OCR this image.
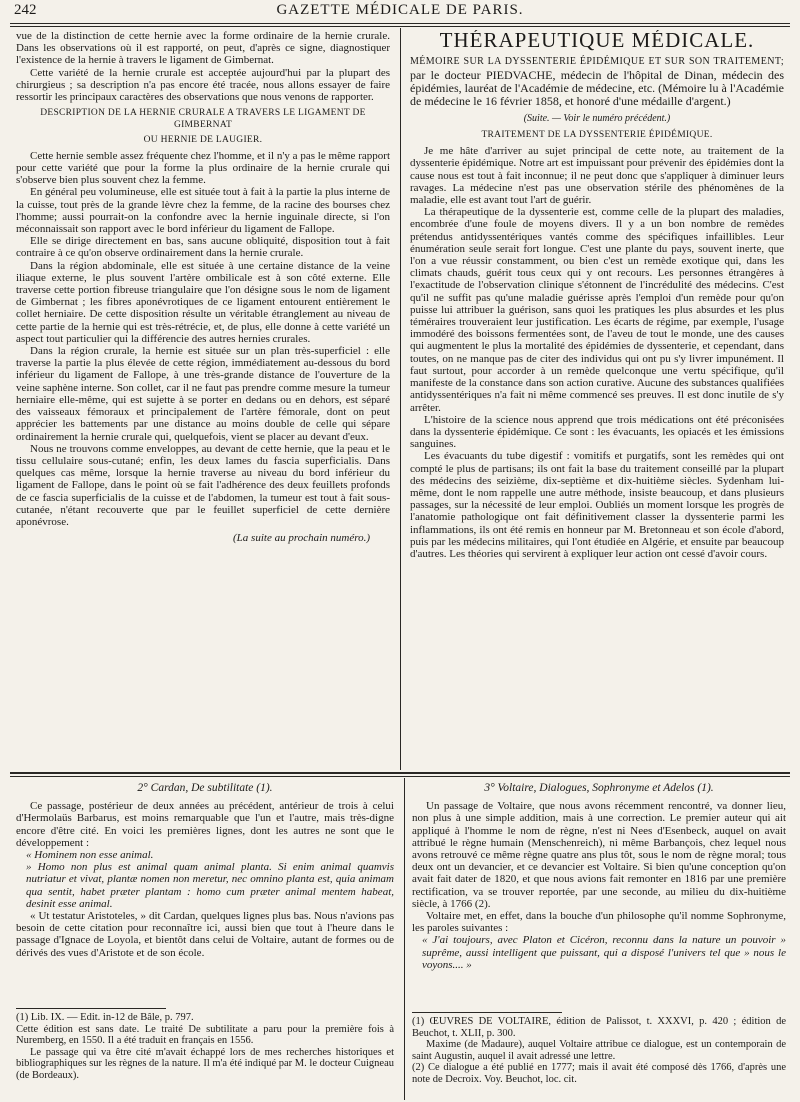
242	GAZETTE MÉDICALE DE PARIS.

vue de la distinction de cette hernie avec la forme ordinaire de la hernie crurale. Dans les observations où il est rapporté, on peut, d'après ce signe, diagnostiquer l'existence de la hernie à travers le ligament de Gimbernat.

Cette variété de la hernie crurale est acceptée aujourd'hui par la plupart des chirurgieus ; sa description n'a pas encore été tracée, nous allons essayer de faire ressortir les principaux caractères des observations que nous venons de rapporter.

DESCRIPTION DE LA HERNIE CRURALE A TRAVERS LE LIGAMENT DE GIMBERNAT

OU HERNIE DE LAUGIER.

Cette hernie semble assez fréquente chez l'homme, et il n'y a pas le même rapport pour cette variété que pour la forme la plus ordinaire de la hernie crurale qui s'observe bien plus souvent chez la femme.

En général peu volumineuse, elle est située tout à fait à la partie la plus interne de la cuisse, tout près de la grande lèvre chez la femme, de la racine des bourses chez l'homme; aussi pourrait-on la confondre avec la hernie inguinale directe, si l'on méconnaissait son rapport avec le bord inférieur du ligament de Fallope.

Elle se dirige directement en bas, sans aucune obliquité, disposition tout à fait contraire à ce qu'on observe ordinairement dans la hernie crurale.

Dans la région abdominale, elle est située à une certaine distance de la veine iliaque externe, le plus souvent l'artère ombilicale est à son côté externe. Elle traverse cette portion fibreuse triangulaire que l'on désigne sous le nom de ligament de Gimbernat ; les fibres aponévrotiques de ce ligament entourent entièrement le collet herniaire. De cette disposition résulte un véritable étranglement au niveau de cette partie de la hernie qui est très-rétrécie, et, de plus, elle donne à cette variété un aspect tout particulier qui la différencie des autres hernies crurales.

Dans la région crurale, la hernie est située sur un plan très-superficiel : elle traverse la partie la plus élevée de cette région, immédiatement au-dessous du bord inférieur du ligament de Fallope, à une très-grande distance de l'ouverture de la veine saphène interne. Son collet, car il ne faut pas prendre comme mesure la tumeur herniaire elle-même, qui est sujette à se porter en dedans ou en dehors, est séparé des vaisseaux fémoraux et principalement de l'artère fémorale, dont on peut apprécier les battements par une distance au moins double de celle qui sépare ordinairement la hernie crurale qui, quelquefois, vient se placer au devant d'eux.

Nous ne trouvons comme enveloppes, au devant de cette hernie, que la peau et le tissu cellulaire sous-cutané; enfin, les deux lames du fascia superficialis. Dans quelques cas même, lorsque la hernie traverse au niveau du bord inférieur du ligament de Fallope, dans le point où se fait l'adhérence des deux feuillets profonds de ce fascia superficialis de la cuisse et de l'abdomen, la tumeur est tout à fait sous-cutanée, n'étant recouverte que par le feuillet superficiel de cette dernière aponévrose.

(La suite au prochain numéro.)

THÉRAPEUTIQUE MÉDICALE.

MÉMOIRE SUR LA DYSSENTERIE ÉPIDÉMIQUE ET SUR SON TRAITEMENT; par le docteur PIEDVACHE, médecin de l'hôpital de Dinan, médecin des épidémies, lauréat de l'Académie de médecine, etc. (Mémoire lu à l'Académie de médecine le 16 février 1858, et honoré d'une médaille d'argent.)

(Suite. — Voir le numéro précédent.)

TRAITEMENT DE LA DYSSENTERIE ÉPIDÉMIQUE.

Je me hâte d'arriver au sujet principal de cette note, au traitement de la dyssenterie épidémique. Notre art est impuissant pour prévenir des épidémies dont la cause nous est tout à fait inconnue; il ne peut donc que s'appliquer à diminuer leurs ravages. La médecine n'est pas une observation stérile des phénomènes de la maladie, elle est avant tout l'art de guérir.

La thérapeutique de la dyssenterie est, comme celle de la plupart des maladies, encombrée d'une foule de moyens divers. Il y a un bon nombre de remèdes prétendus antidyssentériques vantés comme des spécifiques infaillibles. Leur énumération seule serait fort longue. C'est une plante du pays, souvent inerte, que l'on a vue réussir constamment, ou bien c'est un remède exotique qui, dans les climats chauds, guérit tous ceux qui y ont recours. Les personnes étrangères à l'exactitude de l'observation clinique s'étonnent de l'incrédulité des médecins. C'est qu'il ne suffit pas qu'une maladie guérisse après l'emploi d'un remède pour qu'on puisse lui attribuer la guérison, sans quoi les pratiques les plus absurdes et les plus téméraires trouveraient leur justification. Les écarts de régime, par exemple, l'usage immodéré des boissons fermentées sont, de l'aveu de tout le monde, une des causes qui augmentent le plus la mortalité des épidémies de dyssenterie, et cependant, dans toutes, on ne manque pas de citer des individus qui ont pu s'y livrer impunément. Il faut surtout, pour accorder à un remède quelconque une vertu spécifique, qu'il manifeste de la constance dans son action curative. Aucune des substances qualifiées antidyssentériques n'a fait ni même commencé ses preuves. Il est donc inutile de s'y arrêter.

L'histoire de la science nous apprend que trois médications ont été préconisées dans la dyssenterie épidémique. Ce sont : les évacuants, les opiacés et les émissions sanguines.

Les évacuants du tube digestif : vomitifs et purgatifs, sont les remèdes qui ont compté le plus de partisans; ils ont fait la base du traitement conseillé par la plupart des médecins des seizième, dix-septième et dix-huitième siècles. Sydenham lui-même, dont le nom rappelle une autre méthode, insiste beaucoup, et dans plusieurs passages, sur la nécessité de leur emploi. Oubliés un moment lorsque les progrès de l'anatomie pathologique ont fait définitivement classer la dyssenterie parmi les inflammations, ils ont été remis en honneur par M. Bretonneau et son école d'abord, puis par les médecins militaires, qui l'ont étudiée en Algérie, et ensuite par beaucoup d'autres. Les théories qui servirent à expliquer leur action ont cessé d'avoir cours.

2° Cardan, De subtilitate (1).

Ce passage, postérieur de deux années au précédent, antérieur de trois à celui d'Hermolaüs Barbarus, est moins remarquable que l'un et l'autre, mais très-digne encore d'être cité. En voici les premières lignes, dont les autres ne sont que le développement :

« Hominem non esse animal.

» Homo non plus est animal quam animal planta. Si enim animal quamvis nutriatur et vivat, plantæ nomen non meretur, nec omnino planta est, quia animam qua sentit, habet præter plantam : homo cum præter animal mentem habeat, desinit esse animal.

« Ut testatur Aristoteles, » dit Cardan, quelques lignes plus bas. Nous n'avions pas besoin de cette citation pour reconnaître ici, aussi bien que tout à l'heure dans le passage d'Ignace de Loyola, et bientôt dans celui de Voltaire, autant de formes ou de dérivés des vues d'Aristote et de son école.

(1) Lib. IX. — Edit. in-12 de Bâle, p. 797.

Cette édition est sans date. Le traité De subtilitate a paru pour la première fois à Nuremberg, en 1550. Il a été traduit en français en 1556.

Le passage qui va être cité m'avait échappé lors de mes recherches historiques et bibliographiques sur les règnes de la nature. Il m'a été indiqué par M. le docteur Cuigneau (de Bordeaux).

3° Voltaire, Dialogues, Sophronyme et Adelos (1).

Un passage de Voltaire, que nous avons récemment rencontré, va donner lieu, non plus à une simple addition, mais à une correction. Le premier auteur qui ait appliqué à l'homme le nom de règne, n'est ni Nees d'Esenbeck, auquel on avait attribué le règne humain (Menschenreich), ni même Barbançois, chez lequel nous avons retrouvé ce même règne quatre ans plus tôt, sous le nom de règne moral; tous deux ont un devancier, et ce devancier est Voltaire. Si bien qu'une conception qu'on avait fait dater de 1820, et que nous avions fait remonter en 1816 par une première rectification, va se trouver reportée, par une seconde, au milieu du dix-huitième siècle, à 1766 (2).

Voltaire met, en effet, dans la bouche d'un philosophe qu'il nomme Sophronyme, les paroles suivantes :

« J'ai toujours, avec Platon et Cicéron, reconnu dans la nature un pouvoir » suprême, aussi intelligent que puissant, qui a disposé l'univers tel que » nous le voyons.... »

(1) ŒUVRES DE VOLTAIRE, édition de Palissot, t. XXXVI, p. 420 ; édition de Beuchot, t. XLII, p. 300.

Maxime (de Madaure), auquel Voltaire attribue ce dialogue, est un contemporain de saint Augustin, auquel il avait adressé une lettre.

(2) Ce dialogue a été publié en 1777; mais il avait été composé dès 1766, d'après une note de Decroix. Voy. Beuchot, loc. cit.
